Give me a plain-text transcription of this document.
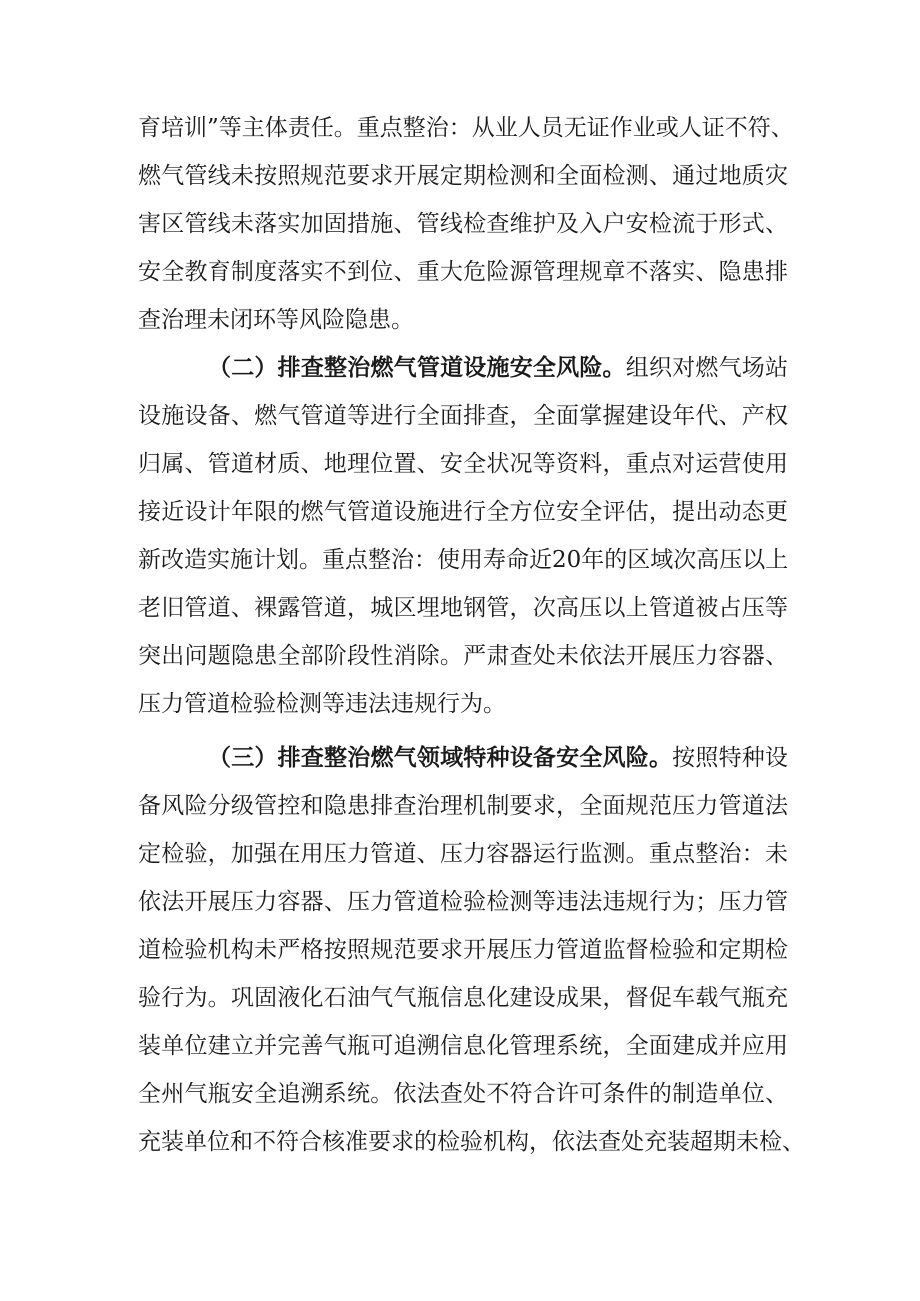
育培训”等主体责任。重点整治：从业人员无证作业或人证不符、
燃气管线未按照规范要求开展定期检测和全面检测、通过地质灾
害区管线未落实加固措施、管线检查维护及入户安检流于形式、
安全教育制度落实不到位、重大危险源管理规章不落实、隐患排
查治理未闭环等风险隐患。
（二）排查整治燃气管道设施安全风险。组织对燃气场站
设施设备、燃气管道等进行全面排查，全面掌握建设年代、产权
归属、管道材质、地理位置、安全状况等资料，重点对运营使用
接近设计年限的燃气管道设施进行全方位安全评估，提出动态更
新改造实施计划。重点整治：使用寿命近20年的区域次高压以上
老旧管道、裸露管道，城区埋地钢管，次高压以上管道被占压等
突出问题隐患全部阶段性消除。严肃查处未依法开展压力容器、
压力管道检验检测等违法违规行为。
（三）排查整治燃气领域特种设备安全风险。按照特种设
备风险分级管控和隐患排查治理机制要求，全面规范压力管道法
定检验，加强在用压力管道、压力容器运行监测。重点整治：未
依法开展压力容器、压力管道检验检测等违法违规行为；压力管
道检验机构未严格按照规范要求开展压力管道监督检验和定期检
验行为。巩固液化石油气气瓶信息化建设成果，督促车载气瓶充
装单位建立并完善气瓶可追溯信息化管理系统，全面建成并应用
全州气瓶安全追溯系统。依法查处不符合许可条件的制造单位、
充装单位和不符合核准要求的检验机构，依法查处充装超期未检、
